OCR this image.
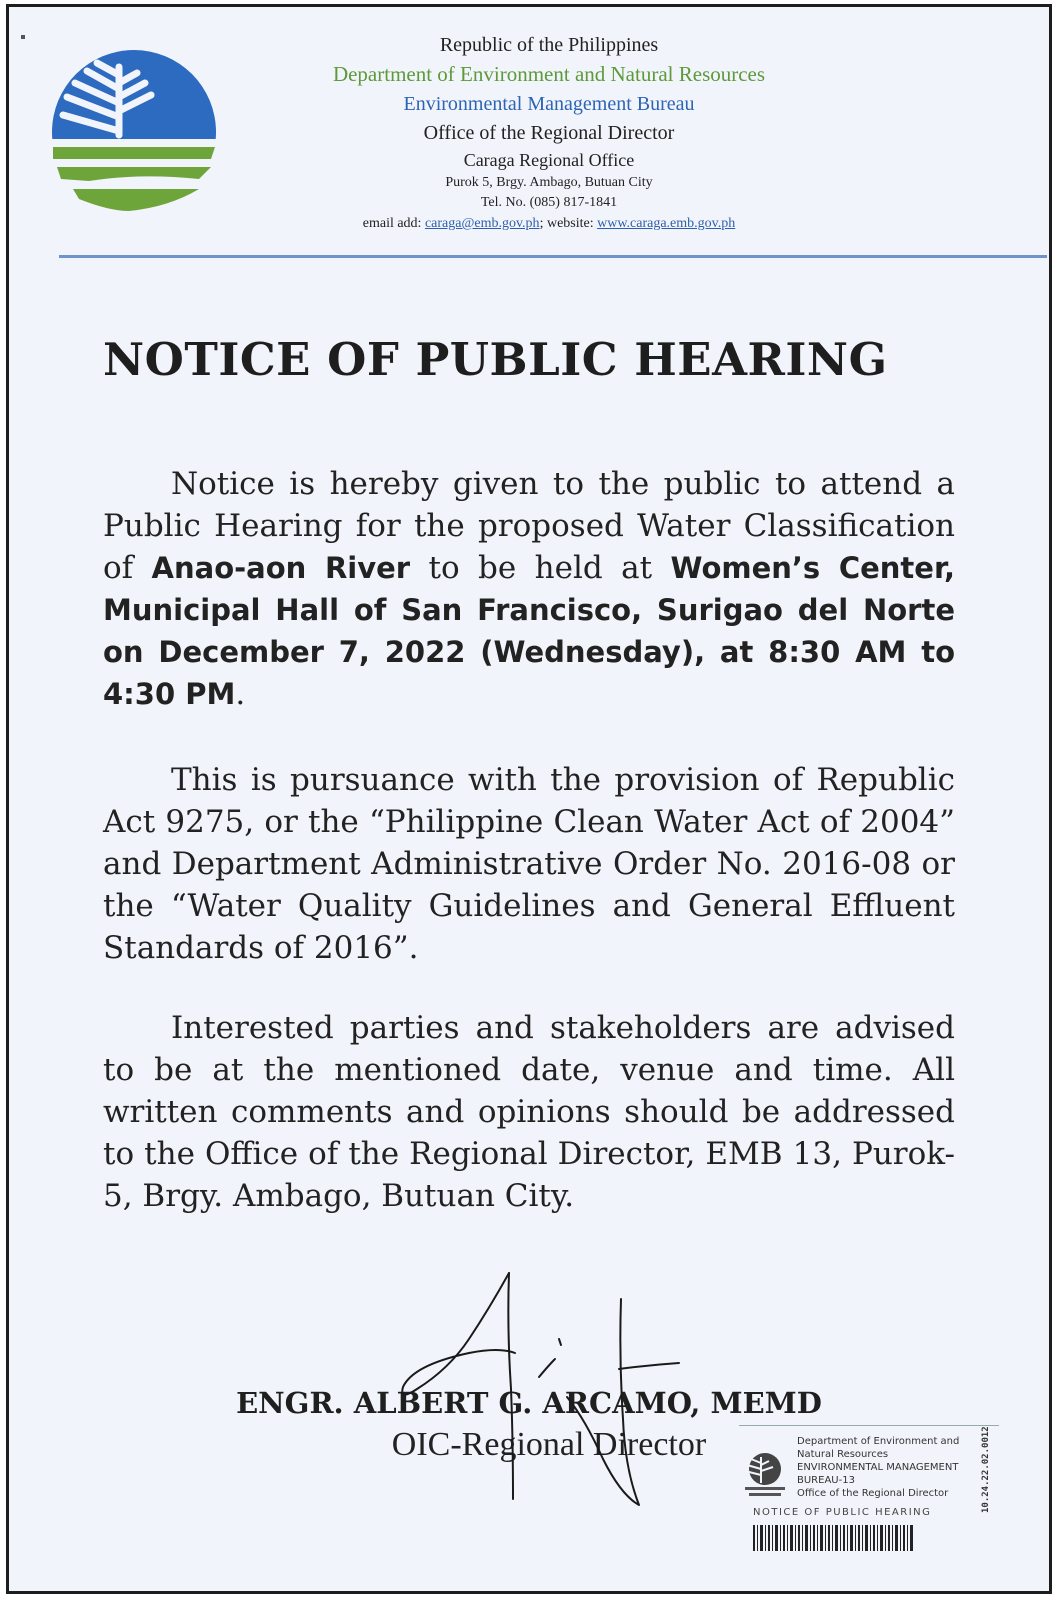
Republic of the Philippines
Department of Environment and Natural Resources
Environmental Management Bureau
Office of the Regional Director
Caraga Regional Office
Purok 5, Brgy. Ambago, Butuan City
Tel. No. (085) 817-1841
email add: caraga@emb.gov.ph; website: www.caraga.emb.gov.ph
NOTICE OF PUBLIC HEARING

Notice is hereby given to the public to attend a Public Hearing for the proposed Water Classification of Anao-aon River to be held at Women’s Center, Municipal Hall of San Francisco, Surigao del Norte on December 7, 2022 (Wednesday), at 8:30 AM to 4:30 PM.

This is pursuance with the provision of Republic Act 9275, or the “Philippine Clean Water Act of 2004” and Department Administrative Order No. 2016-08 or the “Water Quality Guidelines and General Effluent Standards of 2016”.

Interested parties and stakeholders are advised to be at the mentioned date, venue and time. All written comments and opinions should be addressed to the Office of the Regional Director, EMB 13, Purok-5, Brgy. Ambago, Butuan City.

ENGR. ALBERT G. ARCAMO, MEMD
OIC-Regional Director	Department of Environment and
Natural Resources
ENVIRONMENTAL MANAGEMENT
BUREAU-13
Office of the Regional Director
NOTICE OF PUBLIC HEARING	10.24.22.02.0012
